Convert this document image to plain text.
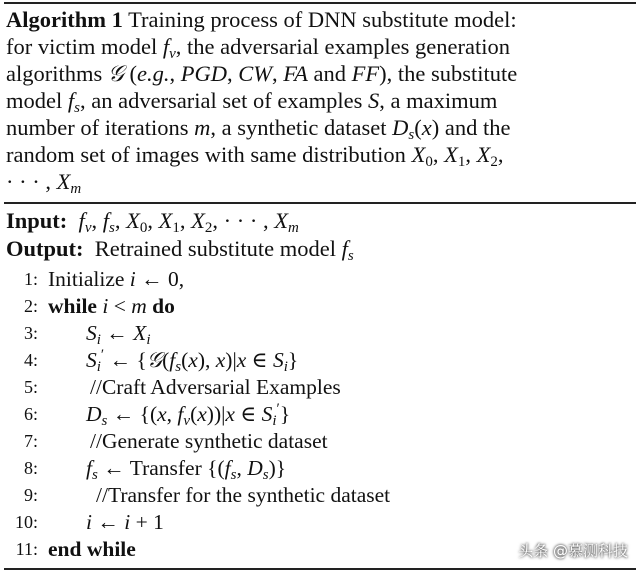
Algorithm 1 Training process of DNN substitute model:
for victim model $f_v$, the adversarial examples generation
algorithms 𝒢 (e.g., PGD, CW, FA and FF), the substitute
model $f_s$, an adversarial set of examples S, a maximum
number of iterations m, a synthetic dataset $D_s(x)$ and the
random set of images with same distribution $X_0$, $X_1$, $X_2$,
· · · , $X_m$
Input: $f_v$, $f_s$, $X_0$, $X_1$, $X_2$, · · · , $X_m$
Output:  Retrained substitute model $f_s$
1: Initialize i ← 0,
2: while i < m do
3: $S_i$ ← $X_i$
4: $S_i'$ ← {$𝒢(f_s(x)$, x)|x ∈ $S_i$}
5: //Craft Adversarial Examples
6: $D_s$ ← {(x, $f_v(x))|x$ ∈ $S_i'$}
7: //Generate synthetic dataset
8: $f_s$ ← Transfer {($f_s$, $D_s$)}
9:	//Transfer for the synthetic dataset
10: i ← i + 1
11: end while	头条 @慕测科技
